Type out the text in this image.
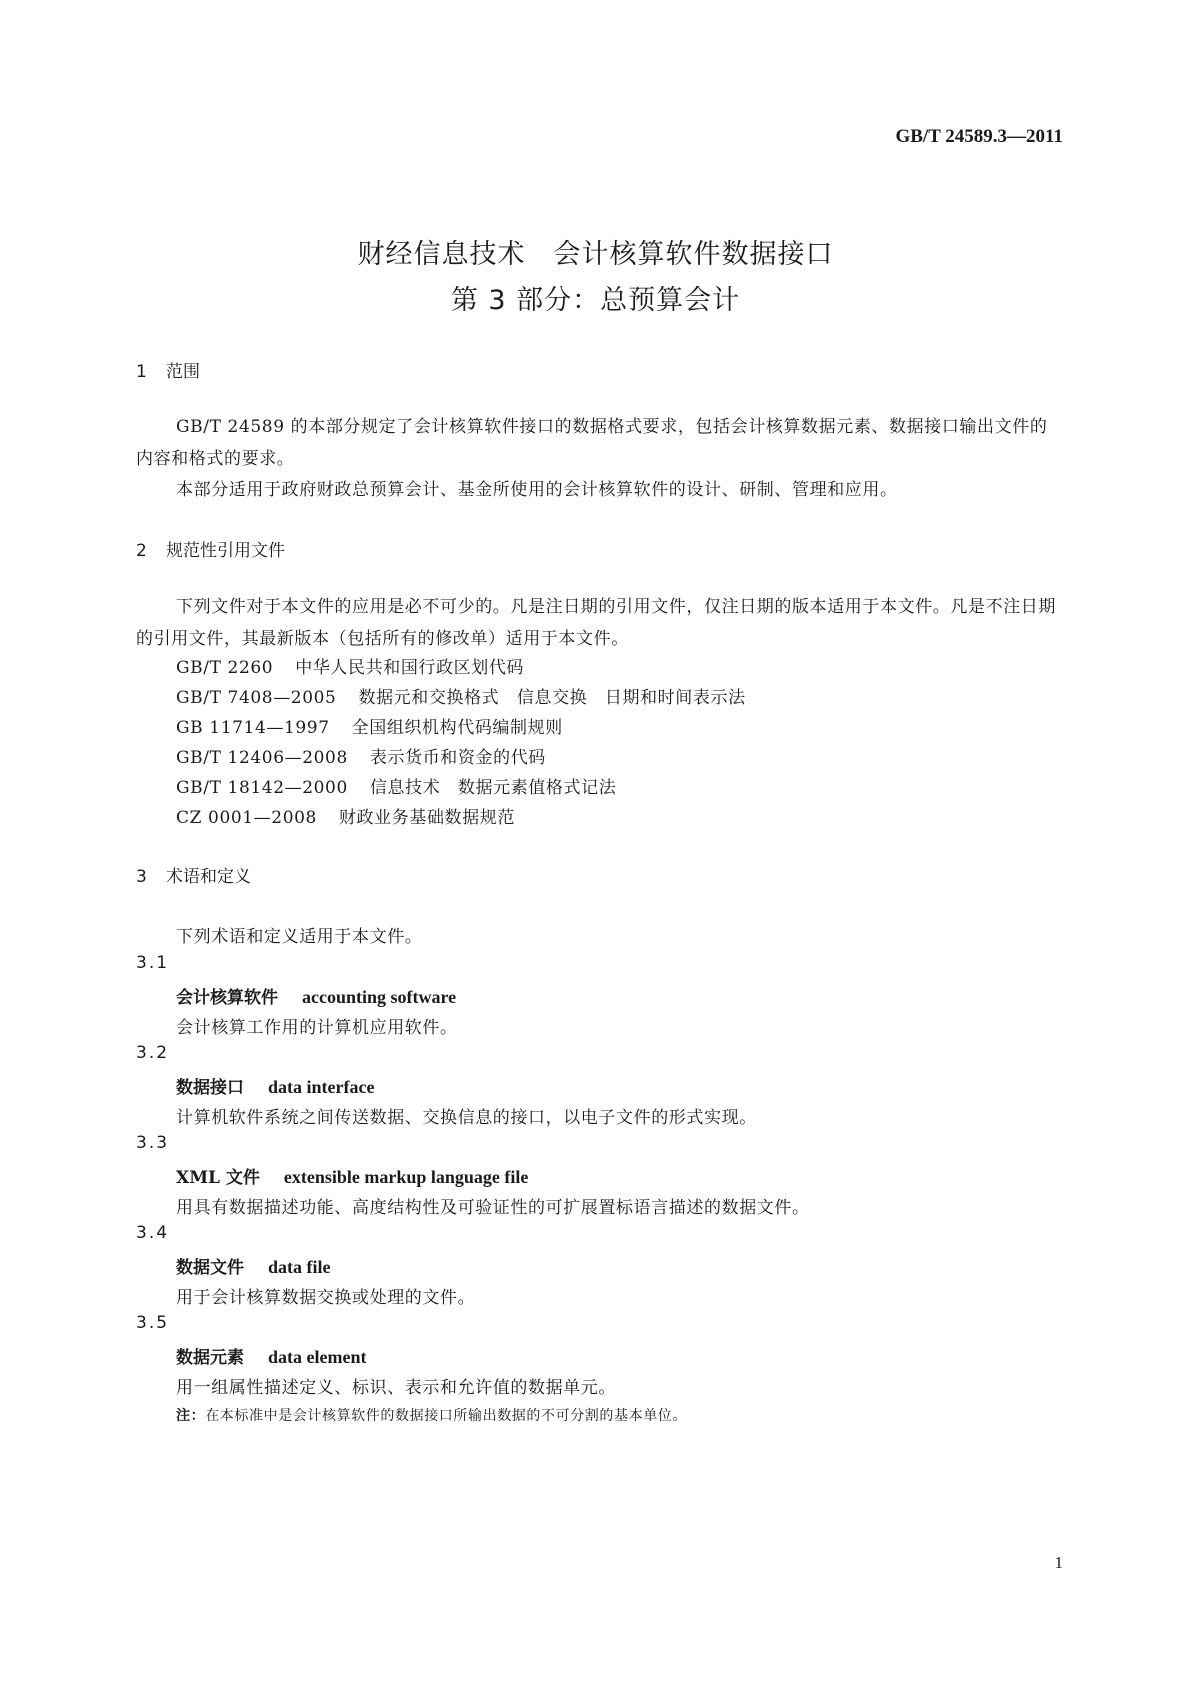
GB/T 24589.3—2011
财经信息技术　会计核算软件数据接口
第 3 部分：总预算会计
1 范围
GB/T 24589 的本部分规定了会计核算软件接口的数据格式要求，包括会计核算数据元素、数据接口输出文件的内容和格式的要求。
本部分适用于政府财政总预算会计、基金所使用的会计核算软件的设计、研制、管理和应用。
2 规范性引用文件
下列文件对于本文件的应用是必不可少的。凡是注日期的引用文件，仅注日期的版本适用于本文件。凡是不注日期的引用文件，其最新版本（包括所有的修改单）适用于本文件。
GB/T 2260 中华人民共和国行政区划代码
GB/T 7408—2005 数据元和交换格式　信息交换　日期和时间表示法
GB 11714—1997 全国组织机构代码编制规则
GB/T 12406—2008 表示货币和资金的代码
GB/T 18142—2000 信息技术　数据元素值格式记法
CZ 0001—2008 财政业务基础数据规范
3 术语和定义
下列术语和定义适用于本文件。
3.1
会计核算软件 accounting software
会计核算工作用的计算机应用软件。
3.2
数据接口 data interface
计算机软件系统之间传送数据、交换信息的接口，以电子文件的形式实现。
3.3
XML 文件 extensible markup language file
用具有数据描述功能、高度结构性及可验证性的可扩展置标语言描述的数据文件。
3.4
数据文件 data file
用于会计核算数据交换或处理的文件。
3.5
数据元素 data element
用一组属性描述定义、标识、表示和允许值的数据单元。
注：在本标准中是会计核算软件的数据接口所输出数据的不可分割的基本单位。
1
